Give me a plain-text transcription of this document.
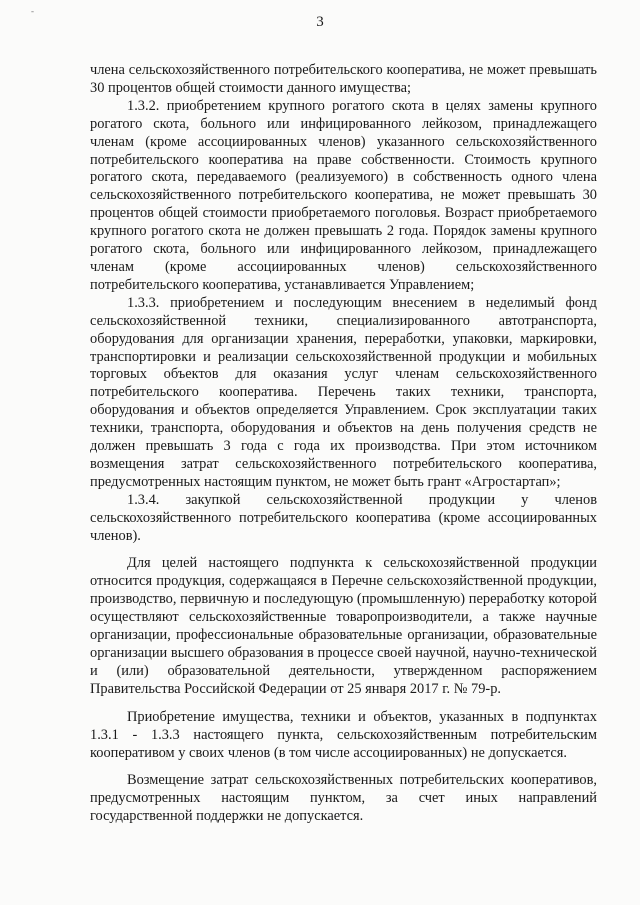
-
3

члена сельскохозяйственного потребительского кооператива, не может превышать 30 процентов общей стоимости данного имущества;

1.3.2. приобретением крупного рогатого скота в целях замены крупного рогатого скота, больного или инфицированного лейкозом, принадлежащего членам (кроме ассоциированных членов) указанного сельскохозяйственного потребительского кооператива на праве собственности. Стоимость крупного рогатого скота, передаваемого (реализуемого) в собственность одного члена сельскохозяйственного потребительского кооператива, не может превышать 30 процентов общей стоимости приобретаемого поголовья. Возраст приобретаемого крупного рогатого скота не должен превышать 2 года. Порядок замены крупного рогатого скота, больного или инфицированного лейкозом, принадлежащего членам (кроме ассоциированных членов) сельскохозяйственного потребительского кооператива, устанавливается Управлением;

1.3.3. приобретением и последующим внесением в неделимый фонд сельскохозяйственной техники, специализированного автотранспорта, оборудования для организации хранения, переработки, упаковки, маркировки, транспортировки и реализации сельскохозяйственной продукции и мобильных торговых объектов для оказания услуг членам сельскохозяйственного потребительского кооператива. Перечень таких техники, транспорта, оборудования и объектов определяется Управлением. Срок эксплуатации таких техники, транспорта, оборудования и объектов на день получения средств не должен превышать 3 года с года их производства. При этом источником возмещения затрат сельскохозяйственного потребительского кооператива, предусмотренных настоящим пунктом, не может быть грант «Агростартап»;

1.3.4. закупкой сельскохозяйственной продукции у членов сельскохозяйственного потребительского кооператива (кроме ассоциированных членов).

Для целей настоящего подпункта к сельскохозяйственной продукции относится продукция, содержащаяся в Перечне сельскохозяйственной продукции, производство, первичную и последующую (промышленную) переработку которой осуществляют сельскохозяйственные товаропроизводители, а также научные организации, профессиональные образовательные организации, образовательные организации высшего образования в процессе своей научной, научно-технической и (или) образовательной деятельности, утвержденном распоряжением Правительства Российской Федерации от 25 января 2017 г. № 79-р.

Приобретение имущества, техники и объектов, указанных в подпунктах 1.3.1 - 1.3.3 настоящего пункта, сельскохозяйственным потребительским кооперативом у своих членов (в том числе ассоциированных) не допускается.

Возмещение затрат сельскохозяйственных потребительских кооперативов, предусмотренных настоящим пунктом, за счет иных направлений государственной поддержки не допускается.
